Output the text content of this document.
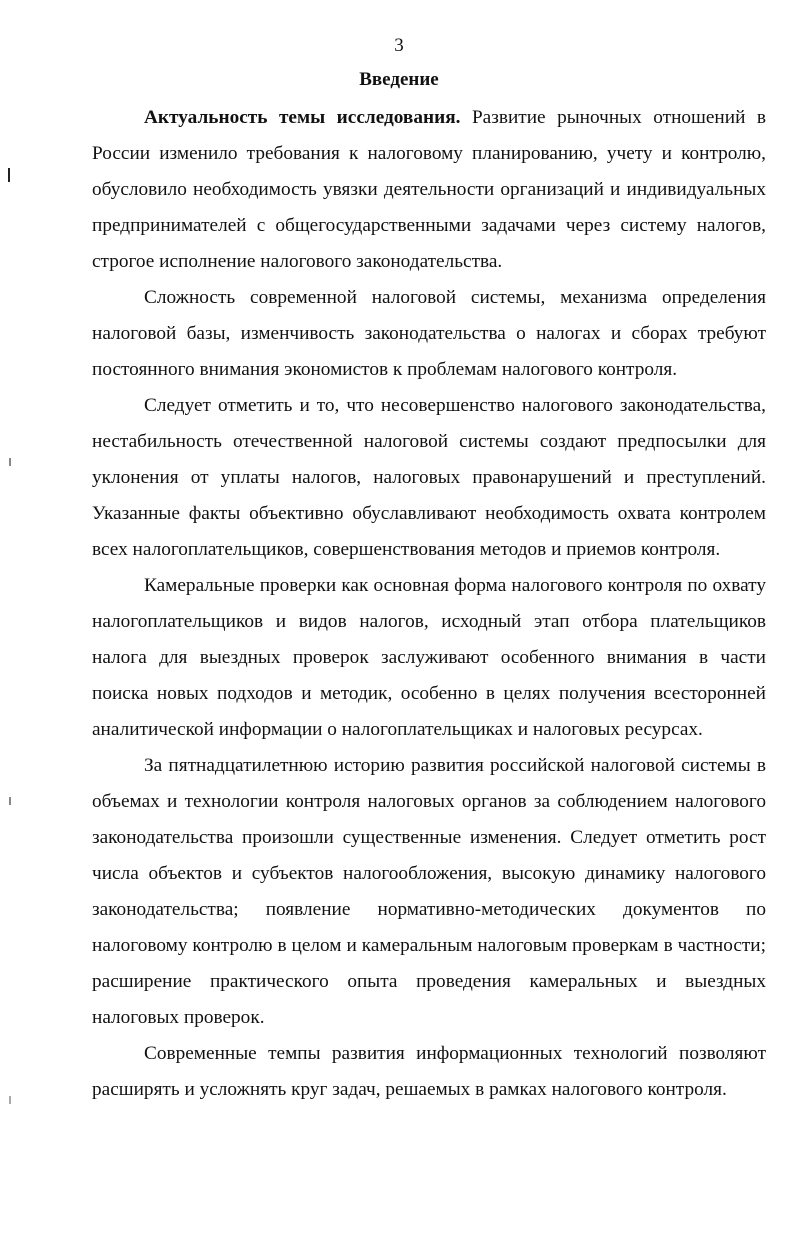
3
Введение

Актуальность темы исследования. Развитие рыночных отношений в России изменило требования к налоговому планированию, учету и контролю, обусловило необходимость увязки деятельности организаций и индивидуальных предпринимателей с общегосударственными задачами через систему налогов, строгое исполнение налогового законодательства.

Сложность современной налоговой системы, механизма определения налоговой базы, изменчивость законодательства о налогах и сборах требуют постоянного внимания экономистов к проблемам налогового контроля.

Следует отметить и то, что несовершенство налогового законодательства, нестабильность отечественной налоговой системы создают предпосылки для уклонения от уплаты налогов, налоговых правонарушений и преступлений. Указанные факты объективно обуславливают необходимость охвата контролем всех налогоплательщиков, совершенствования методов и приемов контроля.

Камеральные проверки как основная форма налогового контроля по охвату налогоплательщиков и видов налогов, исходный этап отбора плательщиков налога для выездных проверок заслуживают особенного внимания в части поиска новых подходов и методик, особенно в целях получения всесторонней аналитической информации о налогоплательщиках и налоговых ресурсах.

За пятнадцатилетнюю историю развития российской налоговой системы в объемах и технологии контроля налоговых органов за соблюдением налогового законодательства произошли существенные изменения. Следует отметить рост числа объектов и субъектов налогообложения, высокую динамику налогового законодательства; появление нормативно-методических документов по налоговому контролю в целом и камеральным налоговым проверкам в частности; расширение практического опыта проведения камеральных и выездных налоговых проверок.

Современные темпы развития информационных технологий позволяют расширять и усложнять круг задач, решаемых в рамках налогового контроля.
